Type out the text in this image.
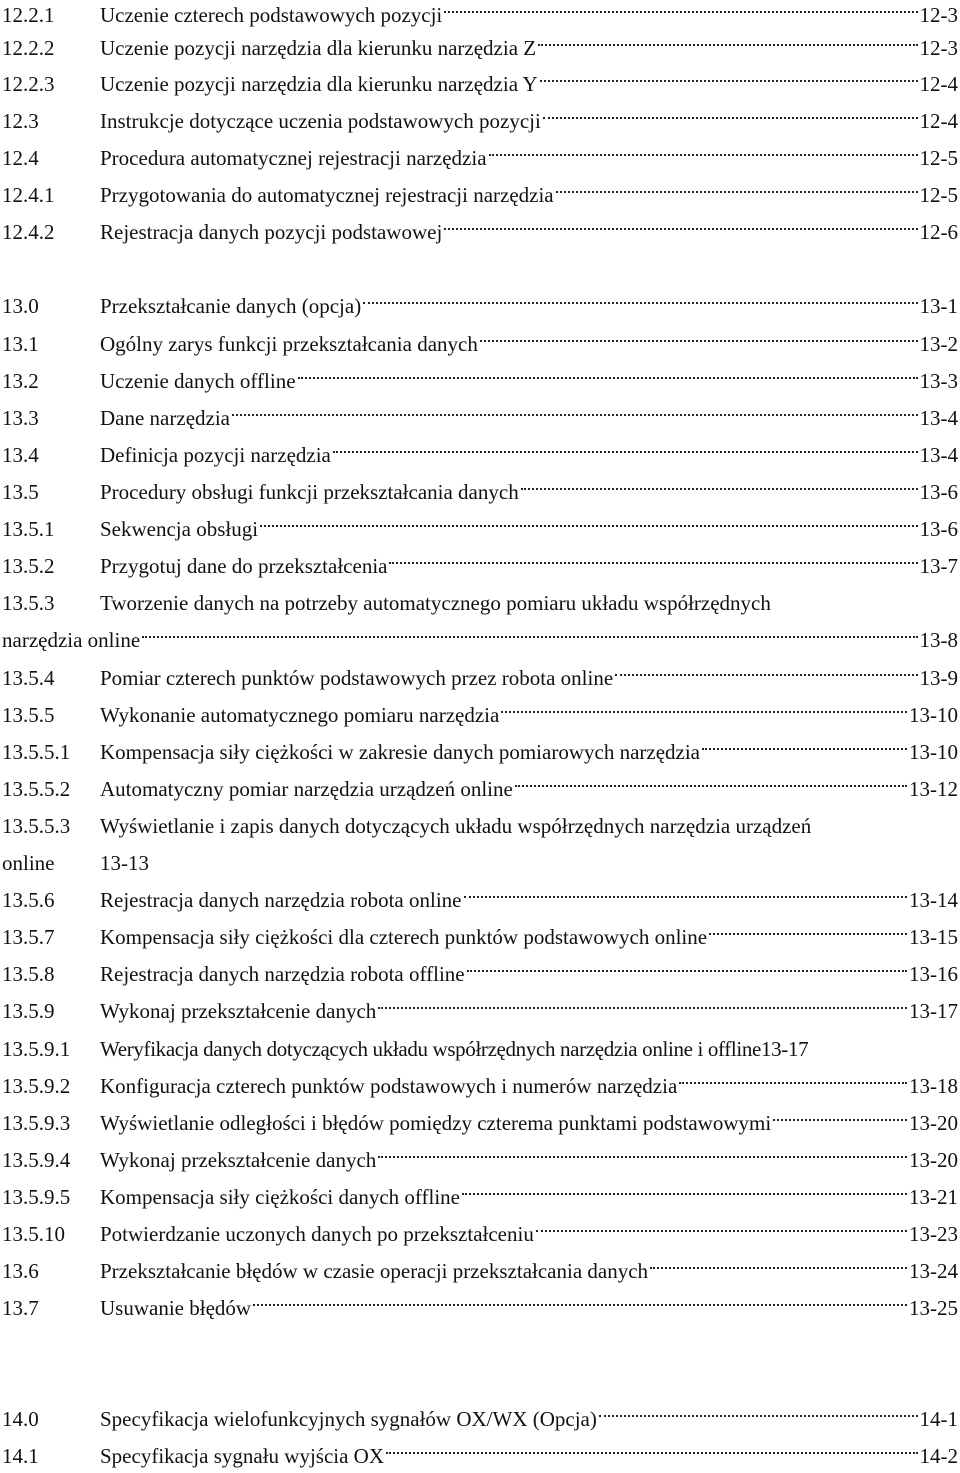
12.2.1 Uczenie czterech podstawowych pozycji	12-3
12.2.2 Uczenie pozycji narzędzia dla kierunku narzędzia Z	12-3
12.2.3 Uczenie pozycji narzędzia dla kierunku narzędzia Y	12-4
12.3	Instrukcje dotyczące uczenia podstawowych pozycji	12-4
12.4	Procedura automatycznej rejestracji narzędzia	12-5
12.4.1 Przygotowania do automatycznej rejestracji narzędzia	12-5
12.4.2 Rejestracja danych pozycji podstawowej	12-6
13.0	Przekształcanie danych (opcja)	13-1
13.1	Ogólny zarys funkcji przekształcania danych	13-2
13.2	Uczenie danych offline	13-3
13.3	Dane narzędzia	13-4
13.4	Definicja pozycji narzędzia	13-4
13.5	Procedury obsługi funkcji przekształcania danych	13-6
13.5.1 Sekwencja obsługi	13-6
13.5.2 Przygotuj dane do przekształcenia	13-7
13.5.3 Tworzenie danych na potrzeby automatycznego pomiaru układu współrzędnych
narzędzia online	13-8
13.5.4 Pomiar czterech punktów podstawowych przez robota online	13-9
13.5.5 Wykonanie automatycznego pomiaru narzędzia	13-10
13.5.5.1 Kompensacja siły ciężkości w zakresie danych pomiarowych narzędzia	13-10
13.5.5.2 Automatyczny pomiar narzędzia urządzeń online	13-12
13.5.5.3 Wyświetlanie i zapis danych dotyczących układu współrzędnych narzędzia urządzeń
online 13-13
13.5.6 Rejestracja danych narzędzia robota online	13-14
13.5.7 Kompensacja siły ciężkości dla czterech punktów podstawowych online	13-15
13.5.8 Rejestracja danych narzędzia robota offline	13-16
13.5.9 Wykonaj przekształcenie danych	13-17
13.5.9.1 Weryfikacja danych dotyczących układu współrzędnych narzędzia online i offline 13-17
13.5.9.2 Konfiguracja czterech punktów podstawowych i numerów narzędzia	13-18
13.5.9.3 Wyświetlanie odległości i błędów pomiędzy czterema punktami podstawowymi	13-20
13.5.9.4 Wykonaj przekształcenie danych	13-20
13.5.9.5 Kompensacja siły ciężkości danych offline	13-21
13.5.10 Potwierdzanie uczonych danych po przekształceniu	13-23
13.6	Przekształcanie błędów w czasie operacji przekształcania danych	13-24
13.7	Usuwanie błędów	13-25
14.0	Specyfikacja wielofunkcyjnych sygnałów OX/WX (Opcja)	14-1
14.1	Specyfikacja sygnału wyjścia OX	14-2
